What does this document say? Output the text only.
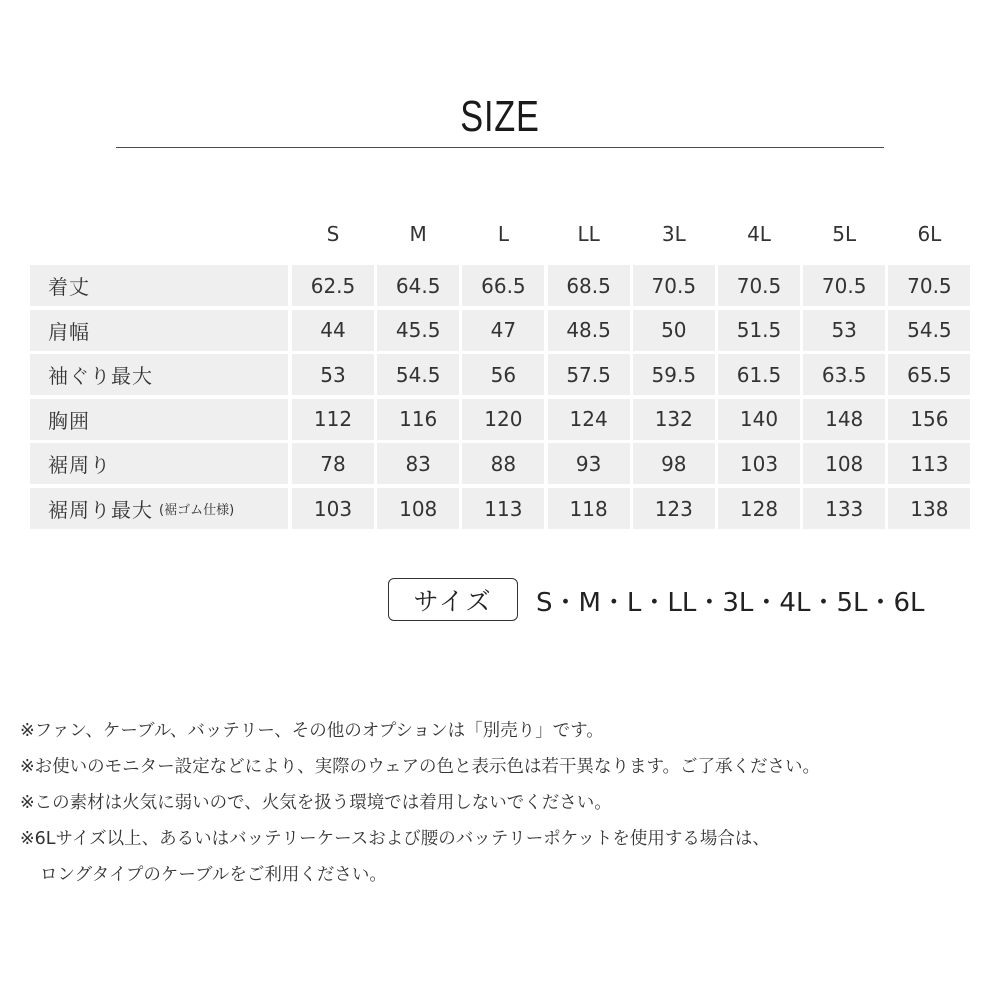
SIZE
S	M	L	LL	3L	4L	5L	6L
着丈	62.5	64.5	66.5	68.5	70.5	70.5	70.5	70.5
肩幅	44	45.5	47	48.5	50	51.5	53	54.5
袖ぐり最大	53	54.5	56	57.5	59.5	61.5	63.5	65.5
胸囲	112	116	120	124	132	140	148	156
裾周り	78	83	88	93	98	103	108	113
裾周り最大 (裾ゴム仕様)	103	108	113	118	123	128	133	138
サイズ	S・M・L・LL・3L・4L・5L・6L
※ファン、ケーブル、バッテリー、その他のオプションは「別売り」です。
※お使いのモニター設定などにより、実際のウェアの色と表示色は若干異なります。ご了承ください。
※この素材は火気に弱いので、火気を扱う環境では着用しないでください。
※6Lサイズ以上、あるいはバッテリーケースおよび腰のバッテリーポケットを使用する場合は、
ロングタイプのケーブルをご利用ください。
